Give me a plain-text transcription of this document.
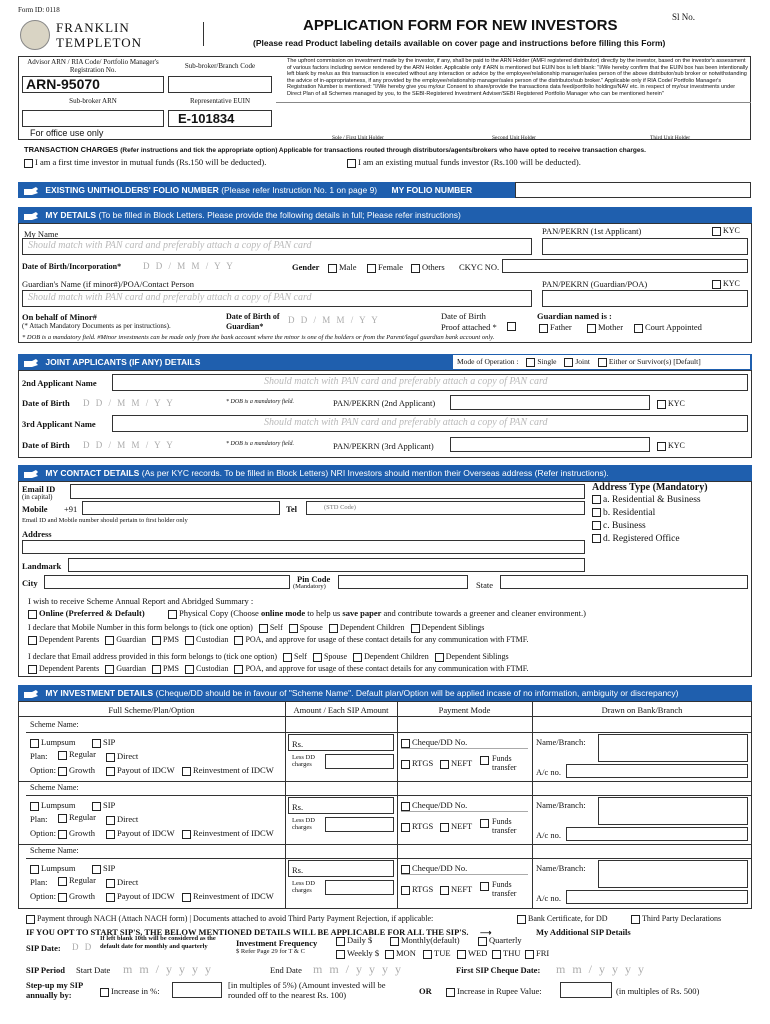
Form ID: 0118
Sl No.
FRANKLIN
TEMPLETON
APPLICATION FORM FOR NEW INVESTORS
(Please read Product labeling details available on cover page and instructions before filling this Form)
Advisor ARN / RIA Code/ Portfolio Manager's Registration No.	Sub-broker/Branch Code
ARN-95070
Sub-broker ARN	Representative EUIN
E-101834
For office use only
The upfront commission on investment made by the investor, if any, shall be paid to the ARN Holder (AMFI registered distributor) directly by the investor, based on the investor's assessment of various factors including service rendered by the ARN Holder. Applicable only if ARN is mentioned but EUIN box is left blank: "I/We hereby confirm that the EUIN box has been intentionally left blank by me/us as this transaction is executed without any interaction or advice by the employee/relationship manager/sales person of the above distributor/sub broker or notwithstanding the advice of in-appropriateness, if any provided by the employee/relationship manager/sales person of the distributor/sub broker." Applicable only if RIA Code/ Portfolio Manager's Registration Number is mentioned: "I/We hereby give you my/our Consent to share/provide the transactions data feed/portfolio holdings/NAV etc. in respect of my/our investments under Direct Plan of all Schemes managed by you, to the SEBI-Registered Investment Adviser/SEBI Registered Portfolio Manager who can be mentioned herein"
Sole / First Unit Holder	Second Unit Holder	Third Unit Holder
TRANSACTION CHARGES (Refer instructions and tick the appropriate option) Applicable for transactions routed through distributors/agents/brokers who have opted to receive transaction charges.
I am a first time investor in mutual funds (Rs.150 will be deducted).	I am an existing mutual funds investor (Rs.100 will be deducted).
EXISTING UNITHOLDERS' FOLIO NUMBER (Please refer Instruction No. 1 on page 9) MY FOLIO NUMBER
MY DETAILS (To be filled in Block Letters. Please provide the following details in full; Please refer instructions)
My Name	PAN/PEKRN (1st Applicant)	KYC
Should match with PAN card and preferably attach a copy of PAN card
Date of Birth/Incorporation* D D / M M / Y Y	Gender	Male	Female	Others CKYC NO.
Guardian's Name (if minor#)/POA/Contact Person	PAN/PEKRN (Guardian/POA)	KYC
Should match with PAN card and preferably attach a copy of PAN card
On behalf of Minor#
(* Attach Mandatory Documents as per instructions).
Date of Birth of Guardian*
D D / M M / Y Y	Date of Birth
Proof attached *
Guardian named is :
Father	Mother	Court Appointed
* DOB is a mandatory field. #Minor investments can be made only from the bank account where the minor is one of the holders or from the Parent/legal guardian bank account only.
JOINT APPLICANTS (IF ANY) DETAILS	Mode of Operation :	Single	Joint	Either or Survivor(s) [Default]
2nd Applicant Name	Should match with PAN card and preferably attach a copy of PAN card
Date of Birth D D / M M / Y Y	* DOB is a mandatory field.	PAN/PEKRN (2nd Applicant)	KYC
3rd Applicant Name	Should match with PAN card and preferably attach a copy of PAN card
Date of Birth D D / M M / Y Y	* DOB is a mandatory field.	PAN/PEKRN (3rd Applicant)	KYC
MY CONTACT DETAILS (As per KYC records. To be filled in Block Letters) NRI Investors should mention their Overseas address (Refer instructions).
Email ID
(in capital)
Mobile +91	Tel	(STD Code)
Email ID and Mobile number should pertain to first holder only
Address
Landmark
City	Pin Code
(Mandatory)	State
Address Type (Mandatory)
a. Residential & Business
b. Residential
c. Business
d. Registered Office
I wish to receive Scheme Annual Report and Abridged Summary :
Online (Preferred & Default)	Physical Copy (Choose online mode to help us save paper and contribute towards a greener and cleaner environment.)
I declare that Mobile Number in this form belongs to (tick one option) Self Spouse Dependent Children Dependent Siblings
Dependent Parents Guardian PMS Custodian POA, and approve for usage of these contact details for any communication with FTMF.
I declare that Email address provided in this form belongs to (tick one option) Self Spouse Dependent Children Dependent Siblings
Dependent Parents Guardian PMS Custodian POA, and approve for usage of these contact details for any communication with FTMF.
MY INVESTMENT DETAILS (Cheque/DD should be in favour of "Scheme Name". Default plan/Option will be applied incase of no information, ambiguity or discrepancy)
Full Scheme/Plan/Option	Amount / Each SIP Amount	Payment Mode	Drawn on Bank/Branch
Scheme Name:
Lumpsum	SIP
Plan:	Regular	Direct
Option:	Growth	Payout of IDCW	Reinvestment of IDCW
Rs.
Less DD charges
Cheque/DD No.
RTGS	NEFT Funds transfer
Name/Branch:
A/c no.
Scheme Name:
Lumpsum	SIP
Plan:	Regular	Direct
Option:	Growth	Payout of IDCW	Reinvestment of IDCW
Rs.
Less DD charges
Cheque/DD No.
RTGS	NEFT Funds transfer
Name/Branch:
A/c no.
Scheme Name:
Lumpsum	SIP
Plan:	Regular	Direct
Option:	Growth	Payout of IDCW	Reinvestment of IDCW
Rs.
Less DD charges
Cheque/DD No.
RTGS	NEFT Funds transfer
Name/Branch:
A/c no.
Payment through NACH (Attach NACH form) | Documents attached to avoid Third Party Payment Rejection, if applicable:	Bank Certificate, for DD	Third Party Declarations
IF YOU OPT TO START SIP'S, THE BELOW MENTIONED DETAILS WILL BE APPLICABLE FOR ALL THE SIP'S. ⟶	My Additional SIP Details
SIP Date: D D
If left blank 10th will be considered as the default date for monthly and quarterly	Investment Frequency
$ Refer Page 29 for T & C
Daily $	Monthly(default)	Quarterly
Weekly $	MON	TUE	WED	THU	FRI
SIP Period Start Date m m / y y y y	End Date m m / y y y y	First SIP Cheque Date: m m / y y y y
Step-up my SIP annually by:	Increase in %:
[in multiples of 5%) (Amount invested will be rounded off to the nearest Rs. 100)	OR	Increase in Rupee Value:	(in multiples of Rs. 500)
